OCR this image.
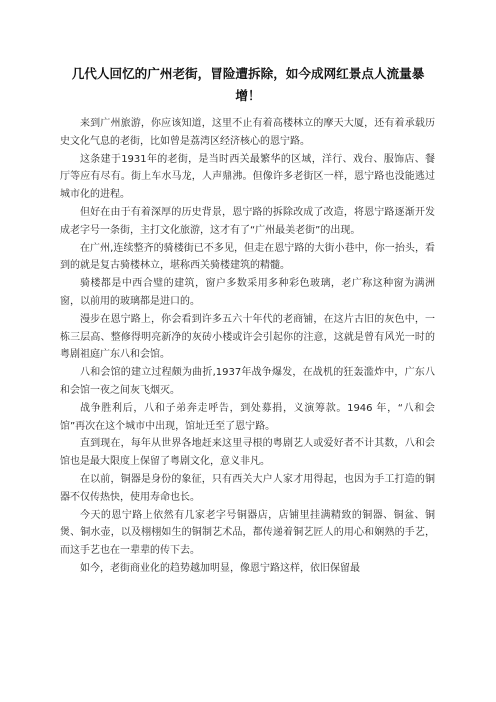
几代人回忆的广州老街，冒险遭拆除，如今成网红景点人流量暴增！

来到广州旅游，你应该知道，这里不止有着高楼林立的摩天大厦，还有着承载历史文化气息的老街，比如曾是荔湾区经济核心的恩宁路。

这条建于1931年的老街，是当时西关最繁华的区域，洋行、戏台、服饰店、餐厅等应有尽有。街上车水马龙，人声鼎沸。但像许多老街区一样，恩宁路也没能逃过城市化的进程。

但好在由于有着深厚的历史背景，恩宁路的拆除改成了改造，将恩宁路逐渐开发成老字号一条街，主打文化旅游，这才有了“广州最美老街”的出现。

在广州,连续整齐的骑楼街已不多见，但走在恩宁路的大街小巷中，你一抬头，看到的就是复古骑楼林立，堪称西关骑楼建筑的精髓。

骑楼都是中西合璧的建筑，窗户多数采用多种彩色玻璃，老广称这种窗为满洲窗，以前用的玻璃都是进口的。

漫步在恩宁路上，你会看到许多五六十年代的老商铺，在这片古旧的灰色中，一栋三层高、整修得明亮新净的灰砖小楼或许会引起你的注意，这就是曾有风光一时的粤剧祖庭广东八和会馆。

八和会馆的建立过程颇为曲折,1937年战争爆发，在战机的狂轰滥炸中，广东八和会馆一夜之间灰飞烟灭。

战争胜利后，八和子弟奔走呼告，到处募捐，义演筹款。1946 年，“八和会馆”再次在这个城市中出现，馆址迁至了恩宁路。

直到现在，每年从世界各地赶来这里寻根的粤剧艺人或爱好者不计其数，八和会馆也是最大限度上保留了粤剧文化，意义非凡。

在以前，铜器是身份的象征，只有西关大户人家才用得起，也因为手工打造的铜器不仅传热快，使用寿命也长。

今天的恩宁路上依然有几家老字号铜器店，店铺里挂满精致的铜器、铜盆、铜煲、铜水壶，以及栩栩如生的铜制艺术品，都传递着铜艺匠人的用心和娴熟的手艺，而这手艺也在一辈辈的传下去。

如今，老街商业化的趋势越加明显，像恩宁路这样，依旧保留最
